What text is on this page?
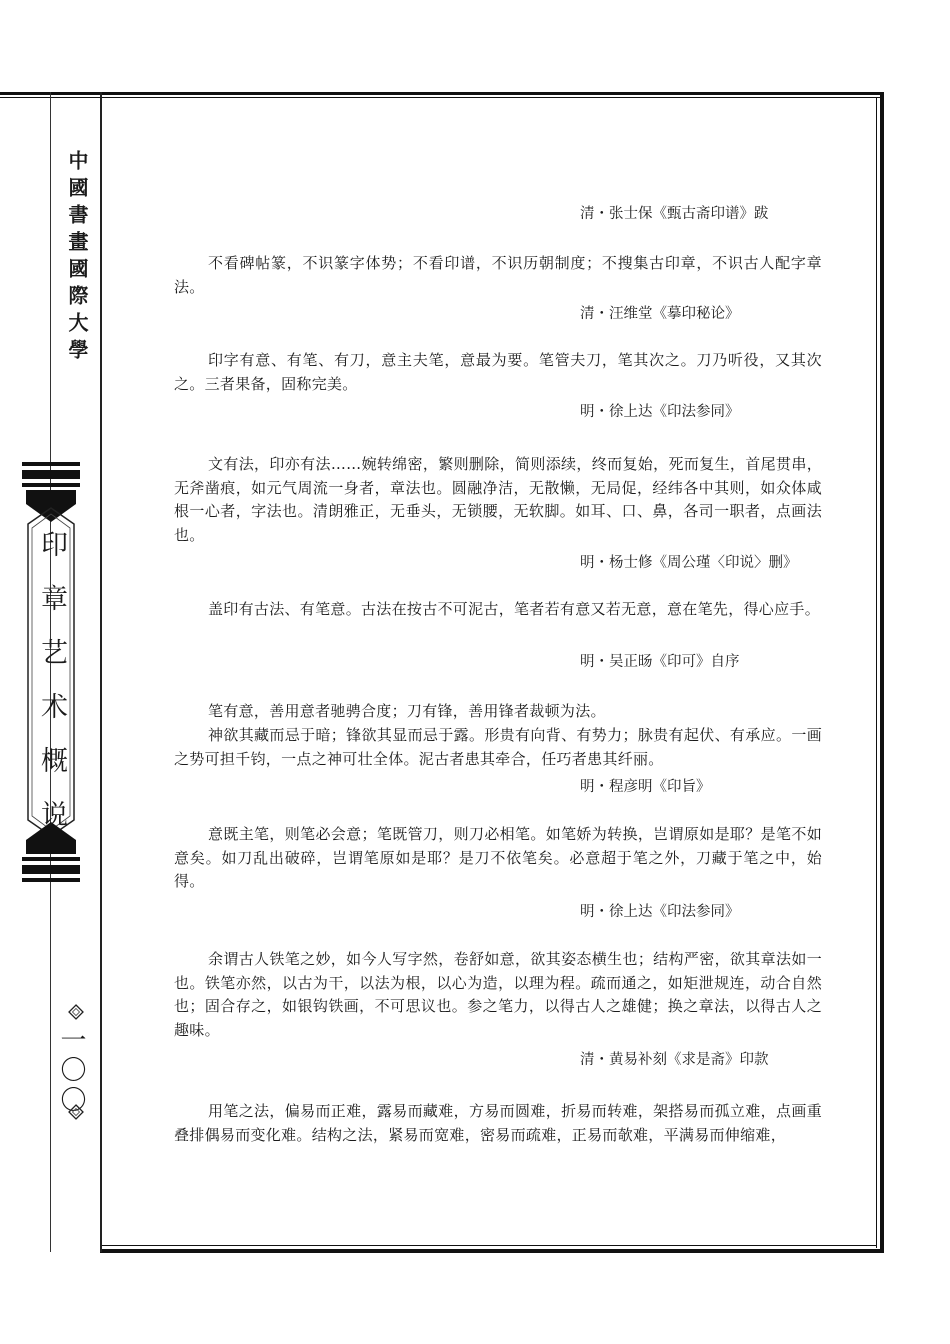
中國書畫國際大學
印章艺术概说
一〇〇
清・张士保《甄古斋印谱》跋
不看碑帖篆，不识篆字体势；不看印谱，不识历朝制度；不搜集古印章，不识古人配字章法。
清・汪维堂《摹印秘论》
印字有意、有笔、有刀，意主夫笔，意最为要。笔管夫刀，笔其次之。刀乃听役，又其次之。三者果备，固称完美。
明・徐上达《印法参同》
文有法，印亦有法……婉转绵密，繁则删除，简则添续，终而复始，死而复生，首尾贯串，无斧凿痕，如元气周流一身者，章法也。圆融净洁，无散懒，无局促，经纬各中其则，如众体咸根一心者，字法也。清朗雅正，无垂头，无锁腰，无软脚。如耳、口、鼻，各司一职者，点画法也。
明・杨士修《周公瑾〈印说〉删》
盖印有古法、有笔意。古法在按古不可泥古，笔者若有意又若无意，意在笔先，得心应手。
明・吴正旸《印可》自序
笔有意，善用意者驰骋合度；刀有锋，善用锋者裁顿为法。
神欲其藏而忌于暗；锋欲其显而忌于露。形贵有向背、有势力；脉贵有起伏、有承应。一画之势可担千钧，一点之神可壮全体。泥古者患其牵合，任巧者患其纤丽。
明・程彦明《印旨》
意既主笔，则笔必会意；笔既管刀，则刀必相笔。如笔娇为转换，岂谓原如是耶？是笔不如意矣。如刀乱出破碎，岂谓笔原如是耶？是刀不依笔矣。必意超于笔之外，刀藏于笔之中，始得。
明・徐上达《印法参同》
余谓古人铁笔之妙，如今人写字然，卷舒如意，欲其姿态横生也；结构严密，欲其章法如一也。铁笔亦然，以古为干，以法为根，以心为造，以理为程。疏而通之，如矩泄规连，动合自然也；固合存之，如银钩铁画，不可思议也。参之笔力，以得古人之雄健；换之章法，以得古人之趣味。
清・黄易补刻《求是斋》印款
用笔之法，偏易而正难，露易而藏难，方易而圆难，折易而转难，架搭易而孤立难，点画重叠排偶易而变化难。结构之法，紧易而宽难，密易而疏难，正易而欹难，平满易而伸缩难，
